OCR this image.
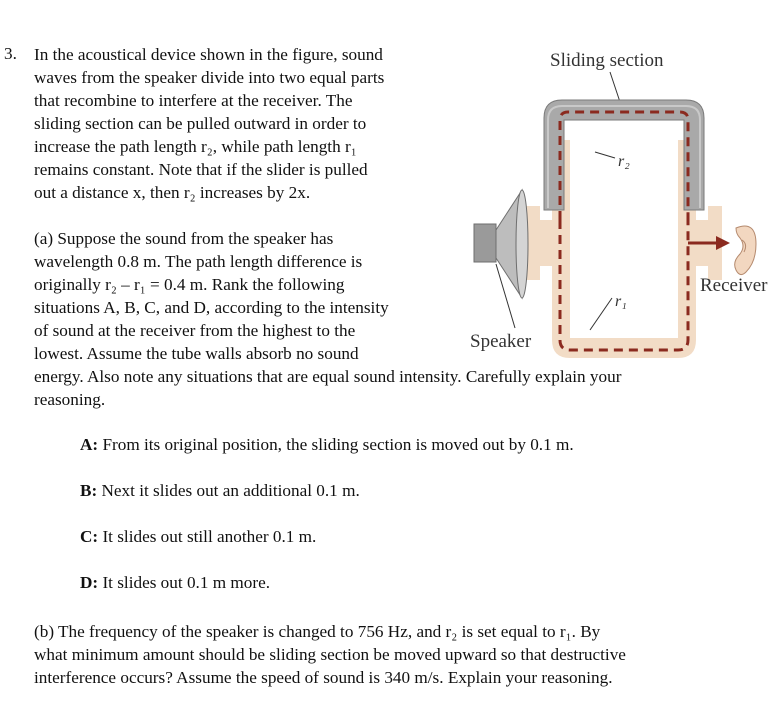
3. In the acoustical device shown in the figure, sound
waves from the speaker divide into two equal parts
that recombine to interfere at the receiver. The
sliding section can be pulled outward in order to
increase the path length r₂, while path length r₁
remains constant. Note that if the slider is pulled
out a distance x, then r₂ increases by 2x.
(a) Suppose the sound from the speaker has
wavelength 0.8 m. The path length difference is
originally r₂ – r₁ = 0.4 m. Rank the following
situations A, B, C, and D, according to the intensity
of sound at the receiver from the highest to the
lowest. Assume the tube walls absorb no sound
energy. Also note any situations that are equal sound intensity. Carefully explain your
reasoning.
A: From its original position, the sliding section is moved out by 0.1 m.
B: Next it slides out an additional 0.1 m.
C: It slides out still another 0.1 m.
D: It slides out 0.1 m more.
(b) The frequency of the speaker is changed to 756 Hz, and r₂ is set equal to r₁. By
what minimum amount should be sliding section be moved upward so that destructive
interference occurs? Assume the speed of sound is 340 m/s. Explain your reasoning.
Sliding section
r₂
r₁
Receiver
Speaker
